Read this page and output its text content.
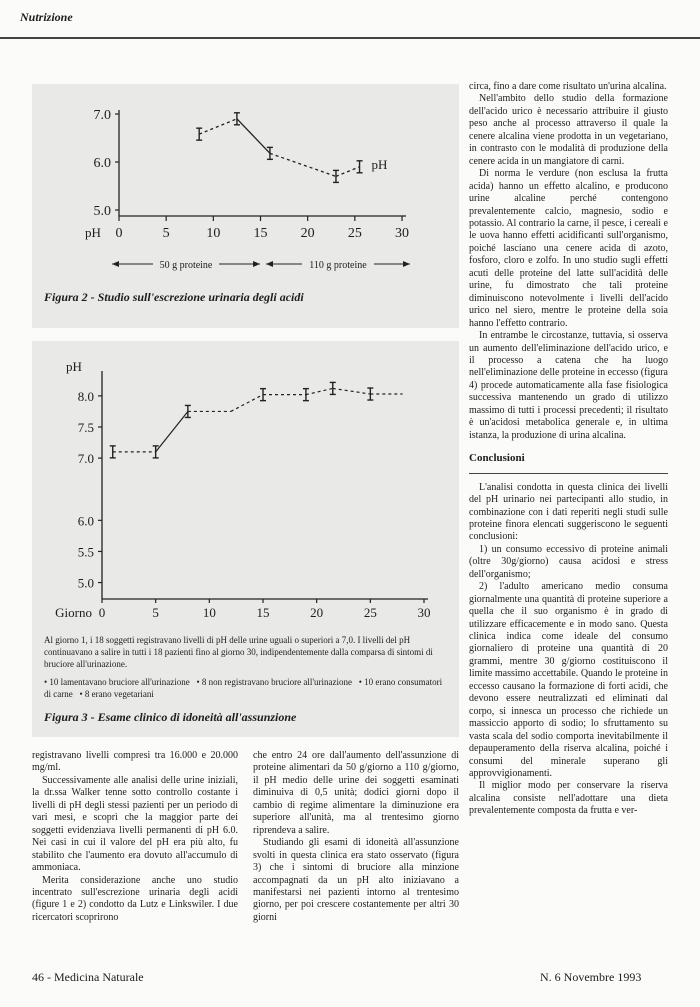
Nutrizione
7.0
6.0
5.0
0	5	10 15 20 25 30
pH
pH
50 g proteine	110 g proteine
Figura 2 - Studio sull'escrezione urinaria degli acidi
pH
8.0
7.5
7.0
6.0
5.5
5.0
0	5	10	15	20	25	30
Giorno
Al giorno 1, i 18 soggetti registravano livelli di pH delle urine uguali o superiori a 7,0. I livelli del pH continuavano a salire in tutti i 18 pazienti fino al giorno 30, indipendentemente dalla comparsa di sintomi di bruciore all'urinazione.
• 10 lamentavano bruciore all'urinazione • 8 non registravano bruciore all'urinazione • 10 erano consumatori di carne • 8 erano vegetariani
Figura 3 - Esame clinico di idoneità all'assunzione

circa, fino a dare come risultato un'urina alcalina.

Nell'ambito dello studio della formazione dell'acido urico è necessario attribuire il giusto peso anche al processo attraverso il quale la cenere alcalina viene prodotta in un vegetariano, in contrasto con le modalità di produzione della cenere acida in un mangiatore di carni.

Di norma le verdure (non esclusa la frutta acida) hanno un effetto alcalino, e producono urine alcaline perché contengono prevalentemente calcio, magnesio, sodio e potassio. Al contrario la carne, il pesce, i cereali e le uova hanno effetti acidificanti sull'organismo, poiché lasciano una cenere acida di azoto, fosforo, cloro e zolfo. In uno studio sugli effetti acuti delle proteine del latte sull'acidità delle urine, fu dimostrato che tali proteine diminuiscono notevolmente i livelli dell'acido urico nel siero, mentre le proteine della soia hanno l'effetto contrario.

In entrambe le circostanze, tuttavia, si osserva un aumento dell'eliminazione dell'acido urico, e il processo a catena che ha luogo nell'eliminazione delle proteine in eccesso (figura 4) procede automaticamente alla fase fisiologica successiva mantenendo un grado di utilizzo massimo di tutti i processi precedenti; il risultato è un'acidosi metabolica generale e, in ultima istanza, la produzione di urina alcalina.

Conclusioni

L'analisi condotta in questa clinica dei livelli del pH urinario nei partecipanti allo studio, in combinazione con i dati reperiti negli studi sulle proteine finora elencati suggeriscono le seguenti conclusioni:

1) un consumo eccessivo di proteine animali (oltre 30g/giorno) causa acidosi e stress dell'organismo;

2) l'adulto americano medio consuma giornalmente una quantità di proteine superiore a quella che il suo organismo è in grado di utilizzare efficacemente e in modo sano. Questa clinica indica come ideale del consumo giornaliero di proteine una quantità di 20 grammi, mentre 30 g/giorno costituiscono il limite massimo accettabile. Quando le proteine in eccesso causano la formazione di forti acidi, che devono essere neutralizzati ed eliminati dal corpo, si innesca un processo che richiede un massiccio apporto di sodio; lo sfruttamento su vasta scala del sodio comporta inevitabilmente il depauperamento della riserva alcalina, poiché i consumi del minerale superano gli approvvigionamenti.

Il miglior modo per conservare la riserva alcalina consiste nell'adottare una dieta prevalentemente composta da frutta e ver-

registravano livelli compresi tra 16.000 e 20.000 mg/ml.

Successivamente alle analisi delle urine iniziali, la dr.ssa Walker tenne sotto controllo costante i livelli di pH degli stessi pazienti per un periodo di vari mesi, e scoprì che la maggior parte dei soggetti evidenziava livelli permanenti di pH 6.0. Nei casi in cui il valore del pH era più alto, fu stabilito che l'aumento era dovuto all'accumulo di ammoniaca.

Merita considerazione anche uno studio incentrato sull'escrezione urinaria degli acidi (figure 1 e 2) condotto da Lutz e Linkswiler. I due ricercatori scoprirono

che entro 24 ore dall'aumento dell'assunzione di proteine alimentari da 50 g/giorno a 110 g/giorno, il pH medio delle urine dei soggetti esaminati diminuiva di 0,5 unità; dodici giorni dopo il cambio di regime alimentare la diminuzione era superiore all'unità, ma al trentesimo giorno riprendeva a salire.

Studiando gli esami di idoneità all'assunzione svolti in questa clinica era stato osservato (figura 3) che i sintomi di bruciore alla minzione accompagnati da un pH alto iniziavano a manifestarsi nei pazienti intorno al trentesimo giorno, per poi crescere costantemente per altri 30 giorni

46 - Medicina Naturale	N. 6 Novembre 1993
